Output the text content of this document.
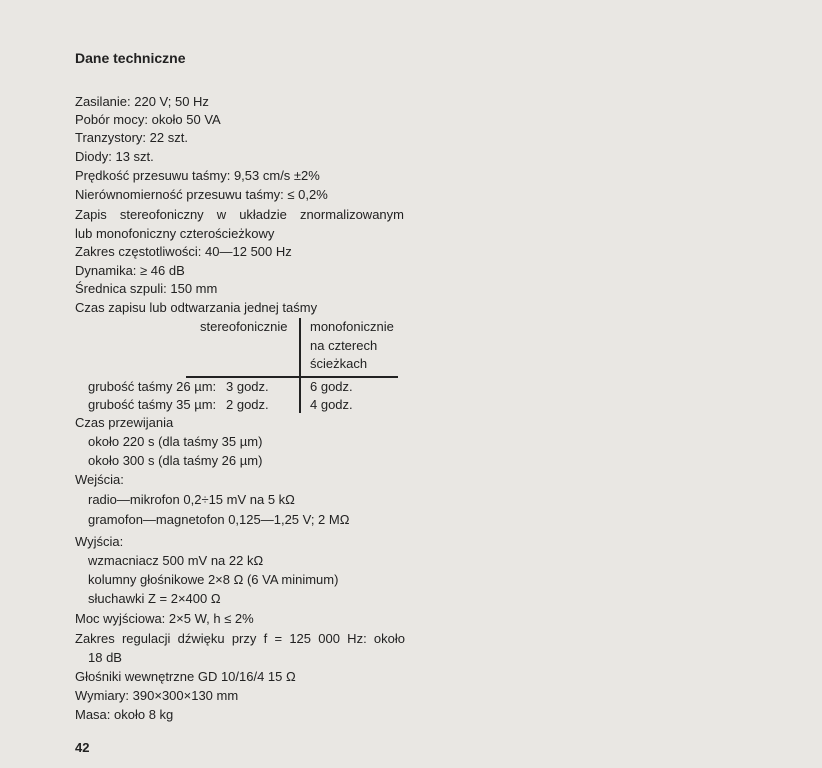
Dane techniczne
Zasilanie: 220 V; 50 Hz
Pobór mocy: około 50 VA
Tranzystory: 22 szt.
Diody: 13 szt.
Prędkość przesuwu taśmy: 9,53 cm/s ±2%
Nierównomierność przesuwu taśmy: ≤ 0,2%
Zapis stereofoniczny w układzie znormalizowanym
lub monofoniczny czterościeżkowy
Zakres częstotliwości: 40—12 500 Hz
Dynamika: ≥ 46 dB
Średnica szpuli: 150 mm
Czas zapisu lub odtwarzania jednej taśmy
stereofonicznie monofonicznie
na czterech
ścieżkach
grubość taśmy 26 µm: 3 godz.	6 godz.
grubość taśmy 35 µm: 2 godz.	4 godz.
Czas przewijania
około 220 s (dla taśmy 35 µm)
około 300 s (dla taśmy 26 µm)
Wejścia:
radio—mikrofon 0,2÷15 mV na 5 kΩ
gramofon—magnetofon 0,125—1,25 V; 2 MΩ
Wyjścia:
wzmacniacz 500 mV na 22 kΩ
kolumny głośnikowe 2×8 Ω (6 VA minimum)
słuchawki Z = 2×400 Ω
Moc wyjściowa: 2×5 W, h ≤ 2%
Zakres regulacji dźwięku przy f = 125 000 Hz: około
18 dB
Głośniki wewnętrzne GD 10/16/4 15 Ω
Wymiary: 390×300×130 mm
Masa: około 8 kg
42
